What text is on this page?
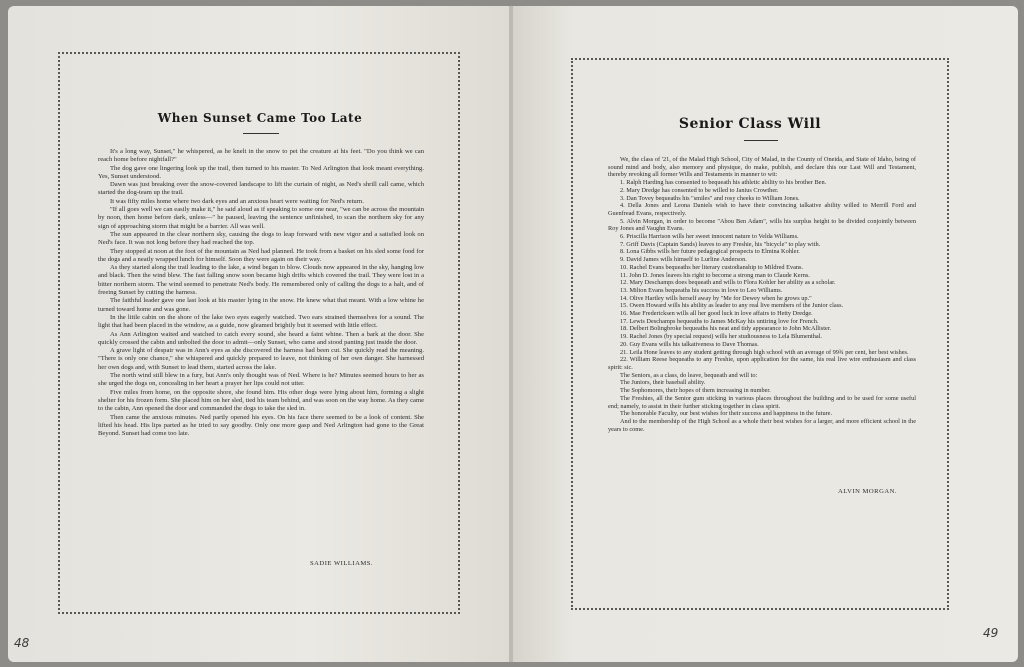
When Sunset Came Too Late

It's a long way, Sunset," he whispered, as he knelt in the snow to pet the creature at his feet. "Do you think we can reach home before nightfall?"

The dog gave one lingering look up the trail, then turned to his master. To Ned Arlington that look meant everything. Yes, Sunset understood.

Dawn was just breaking over the snow-covered landscape to lift the curtain of night, as Ned's shrill call came, which started the dog-team up the trail.

It was fifty miles home where two dark eyes and an anxious heart were waiting for Ned's return.

"If all goes well we can easily make it," he said aloud as if speaking to some one near, "we can be across the mountain by noon, then home before dark, unless—" he paused, leaving the sentence unfinished, to scan the northern sky for any sign of approaching storm that might be a barrier. All was well.

The sun appeared in the clear northern sky, causing the dogs to leap forward with new vigor and a satisfied look on Ned's face. It was not long before they had reached the top.

They stopped at noon at the foot of the mountain as Ned had planned. He took from a basket on his sled some food for the dogs and a neatly wrapped lunch for himself. Soon they were again on their way.

As they started along the trail leading to the lake, a wind began to blow. Clouds now appeared in the sky, hanging low and black. Then the wind blew. The fast falling snow soon became high drifts which covered the trail. They were lost in a bitter northern storm. The wind seemed to penetrate Ned's body. He remembered only of calling the dogs to a halt, and of freeing Sunset by cutting the harness.

The faithful leader gave one last look at his master lying in the snow. He knew what that meant. With a low whine he turned toward home and was gone.

In the little cabin on the shore of the lake two eyes eagerly watched. Two ears strained themselves for a sound. The light that had been placed in the window, as a guide, now gleamed brightly but it seemed with little effect.

As Ann Arlington waited and watched to catch every sound, she heard a faint whine. Then a bark at the door. She quickly crossed the cabin and unbolted the door to admit—only Sunset, who came and stood panting just inside the door.

A grave light of despair was in Ann's eyes as she discovered the harness had been cut. She quickly read the meaning. "There is only one chance," she whispered and quickly prepared to leave, not thinking of her own danger. She harnessed her own dogs and, with Sunset to lead them, started across the lake.

The north wind still blew in a fury, but Ann's only thought was of Ned. Where is he? Minutes seemed hours to her as she urged the dogs on, concealing in her heart a prayer her lips could not utter.

Five miles from home, on the opposite shore, she found him. His other dogs were lying about him, forming a slight shelter for his frozen form. She placed him on her sled, tied his team behind, and was soon on the way home. As they came to the cabin, Ann opened the door and commanded the dogs to take the sled in.

Then came the anxious minutes. Ned partly opened his eyes. On his face there seemed to be a look of content. She lifted his head. His lips parted as he tried to say goodby. Only one more gasp and Ned Arlington had gone to the Great Beyond. Sunset had come too late.

SADIE WILLIAMS.
Senior Class Will

We, the class of '21, of the Malad High School, City of Malad, in the County of Oneida, and State of Idaho, being of sound mind and body, also memory and physique, do make, publish, and declare this our Last Will and Testament, thereby revoking all former Wills and Testaments in manner to wit:

1. Ralph Harding has consented to bequeath his athletic ability to his brother Ben.

2. Mary Dredge has consented to be willed to Janius Crowther.

3. Dan Tovey bequeaths his "smiles" and rosy cheeks to William Jones.

4. Della Jones and Leona Daniels wish to have their convincing talkative ability willed to Merrill Ford and Guenfread Evans, respectively.

5. Alvin Morgan, in order to become "Abou Ben Adam", wills his surplus height to be divided conjointly between Roy Jones and Vaughn Evans.

6. Priscilla Harrison wills her sweet innocent nature to Velda Williams.

7. Griff Davis (Captain Sands) leaves to any Freshie, his "bicycle" to play with.

8. Lona Gibbs wills her future pedagogical prospects to Elmina Kohler.

9. David James wills himself to Lurline Anderson.

10. Rachel Evans bequeaths her literary custodianship to Mildred Evans.

11. John D. Jones leaves his right to become a strong man to Claude Kerns.

12. Mary Deschamps does bequeath and wills to Flora Kohler her ability as a scholar.

13. Milton Evans bequeaths his success in love to Leo Williams.

14. Olive Hartley wills herself away by "Me for Dewey when he grows up."

15. Owen Howard wills his ability as leader to any real live members of the Junior class.

16. Mae Fredericksen wills all her good luck in love affairs to Hetty Dredge.

17. Lewis Deschamps bequeaths to James McKay his untiring love for French.

18. Delbert Bolingbroke bequeaths his neat and tidy appearance to John McAllister.

19. Rachel Jones (by special request) wills her studiousness to Lela Blumenthal.

20. Guy Evans wills his talkativeness to Dave Thomas.

21. Leila Hone leaves to any student getting through high school with an average of 99¾ per cent, her best wishes.

22. William Reese bequeaths to any Freshie, upon application for the same, his real live wire enthusiasm and class spirit: sic.

The Seniors, as a class, do leave, bequeath and will to:

The Juniors, their baseball ability.

The Sophomores, their hopes of them increasing in number.

The Freshies, all the Senior gum sticking in various places throughout the building and to be used for some useful end; namely, to assist in their further sticking together in class spirit.

The honorable Faculty, our best wishes for their success and happiness in the future.

And to the membership of the High School as a whole their best wishes for a larger, and more efficient school in the years to come.

ALVIN MORGAN.
48
49
